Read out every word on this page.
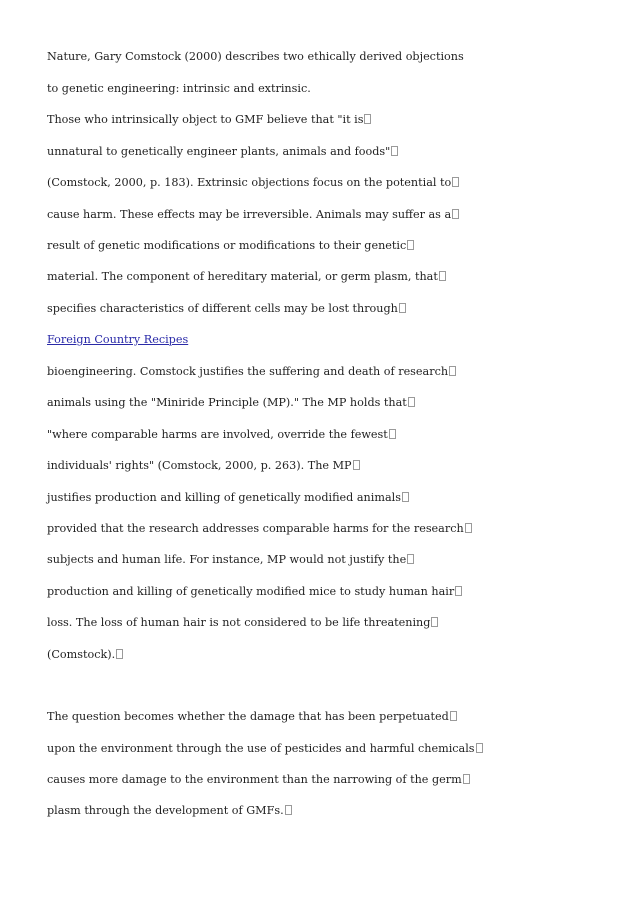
Nature, Gary Comstock (2000) describes two ethically derived objections

to genetic engineering: intrinsic and extrinsic.

Those who intrinsically object to GMF believe that "it is

unnatural to genetically engineer plants, animals and foods"

(Comstock, 2000, p. 183). Extrinsic objections focus on the potential to

cause harm. These effects may be irreversible. Animals may suffer as a

result of genetic modifications or modifications to their genetic

material. The component of hereditary material, or germ plasm, that

specifies characteristics of different cells may be lost through

Foreign Country Recipes

bioengineering. Comstock justifies the suffering and death of research

animals using the "Miniride Principle (MP)." The MP holds that

"where comparable harms are involved, override the fewest

individuals' rights" (Comstock, 2000, p. 263). The MP

justifies production and killing of genetically modified animals

provided that the research addresses comparable harms for the research

subjects and human life. For instance, MP would not justify the

production and killing of genetically modified mice to study human hair

loss. The loss of human hair is not considered to be life threatening

(Comstock).

The question becomes whether the damage that has been perpetuated

upon the environment through the use of pesticides and harmful chemicals

causes more damage to the environment than the narrowing of the germ

plasm through the development of GMFs.
